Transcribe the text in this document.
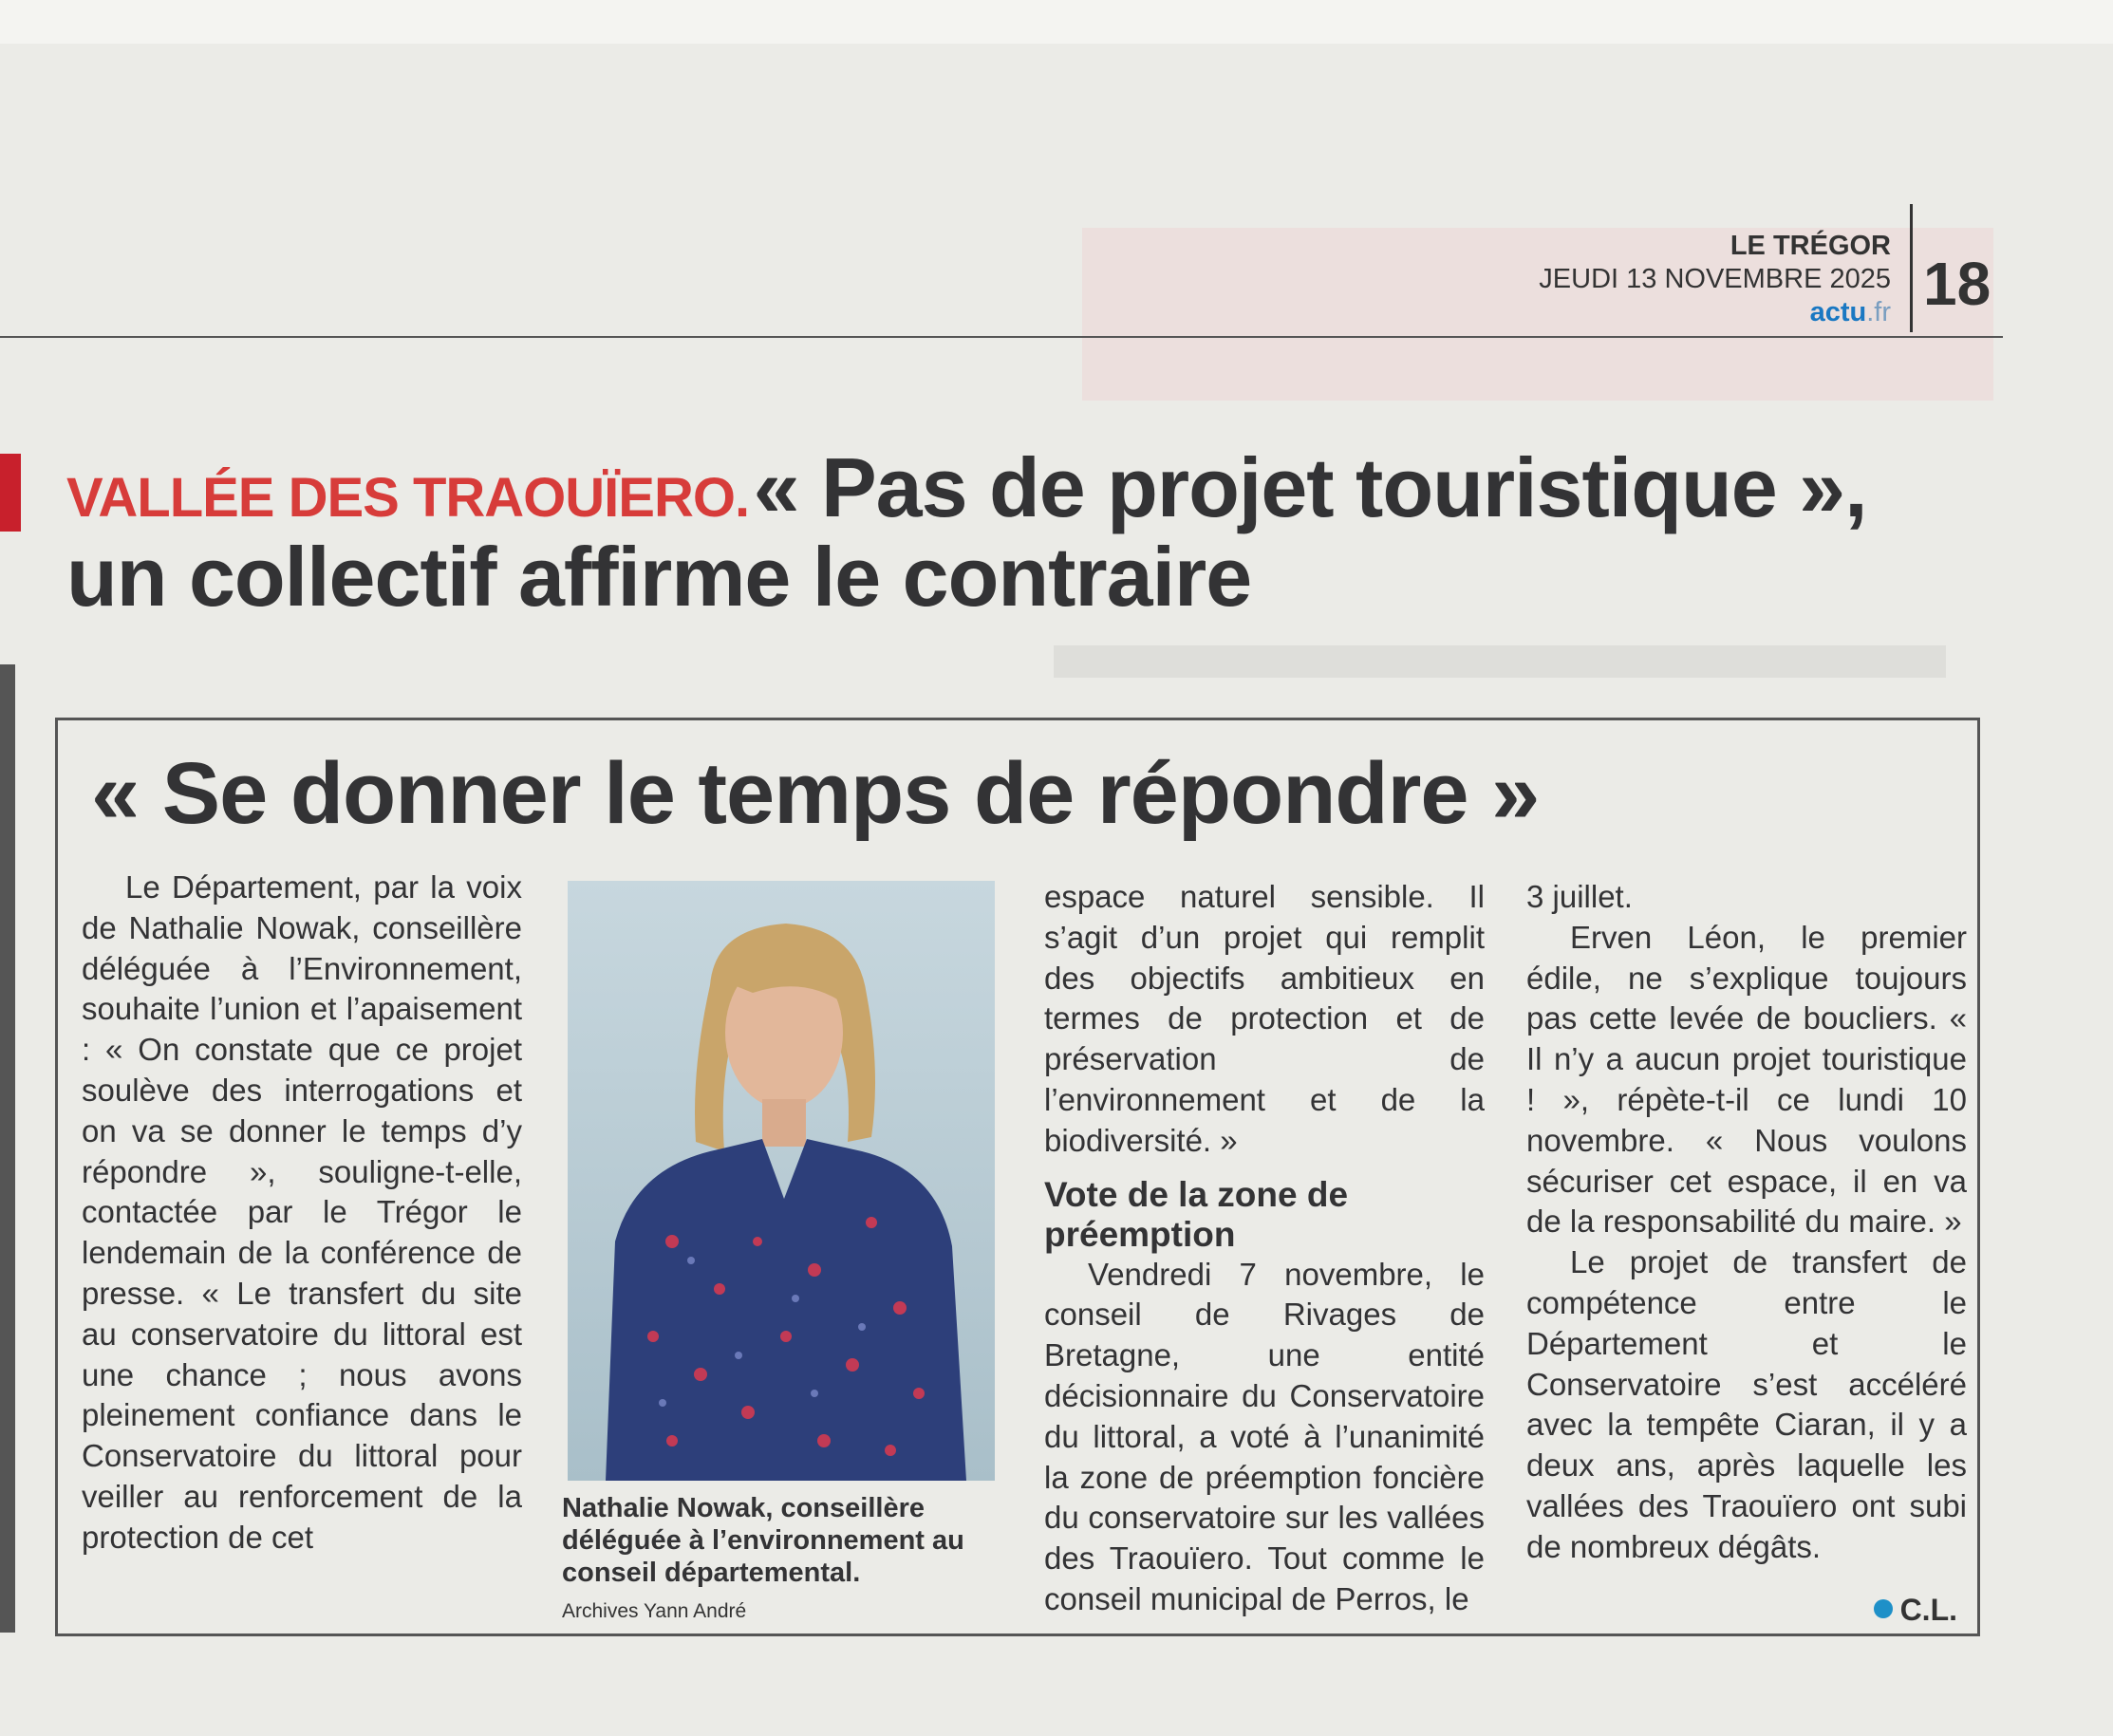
LE TRÉGOR
JEUDI 13 NOVEMBRE 2025
actu.fr 18
VALLÉE DES TRAOUÏERO. « Pas de projet touristique »,
un collectif affirme le contraire
« Se donner le temps de répondre »

Le Département, par la voix de Nathalie Nowak, conseillère déléguée à l’Environnement, souhaite l’union et l’apaisement : « On constate que ce projet soulève des interrogations et on va se donner le temps d’y répondre », souligne-t-elle, contactée par le Trégor le lendemain de la conférence de presse. « Le transfert du site au conservatoire du littoral est une chance ; nous avons pleinement confiance dans le Conservatoire du littoral pour veiller au renforcement de la protection de cet

Nathalie Nowak, conseillère déléguée à l’environnement au conseil départemental.
Archives Yann André

espace naturel sensible. Il s’agit d’un projet qui remplit des objectifs ambitieux en termes de protection et de préservation de l’environnement et de la biodiversité. »

Vote de la zone de préemption

Vendredi 7 novembre, le conseil de Rivages de Bretagne, une entité décisionnaire du Conservatoire du littoral, a voté à l’unanimité la zone de préemption foncière du conservatoire sur les vallées des Traouïero. Tout comme le conseil municipal de Perros, le

3 juillet.

Erven Léon, le premier édile, ne s’explique toujours pas cette levée de boucliers. « Il n’y a aucun projet touristique ! », répète-t-il ce lundi 10 novembre. « Nous voulons sécuriser cet espace, il en va de la responsabilité du maire. »

Le projet de transfert de compétence entre le Département et le Conservatoire s’est accéléré avec la tempête Ciaran, il y a deux ans, après laquelle les vallées des Traouïero ont subi de nombreux dégâts.

C.L.
